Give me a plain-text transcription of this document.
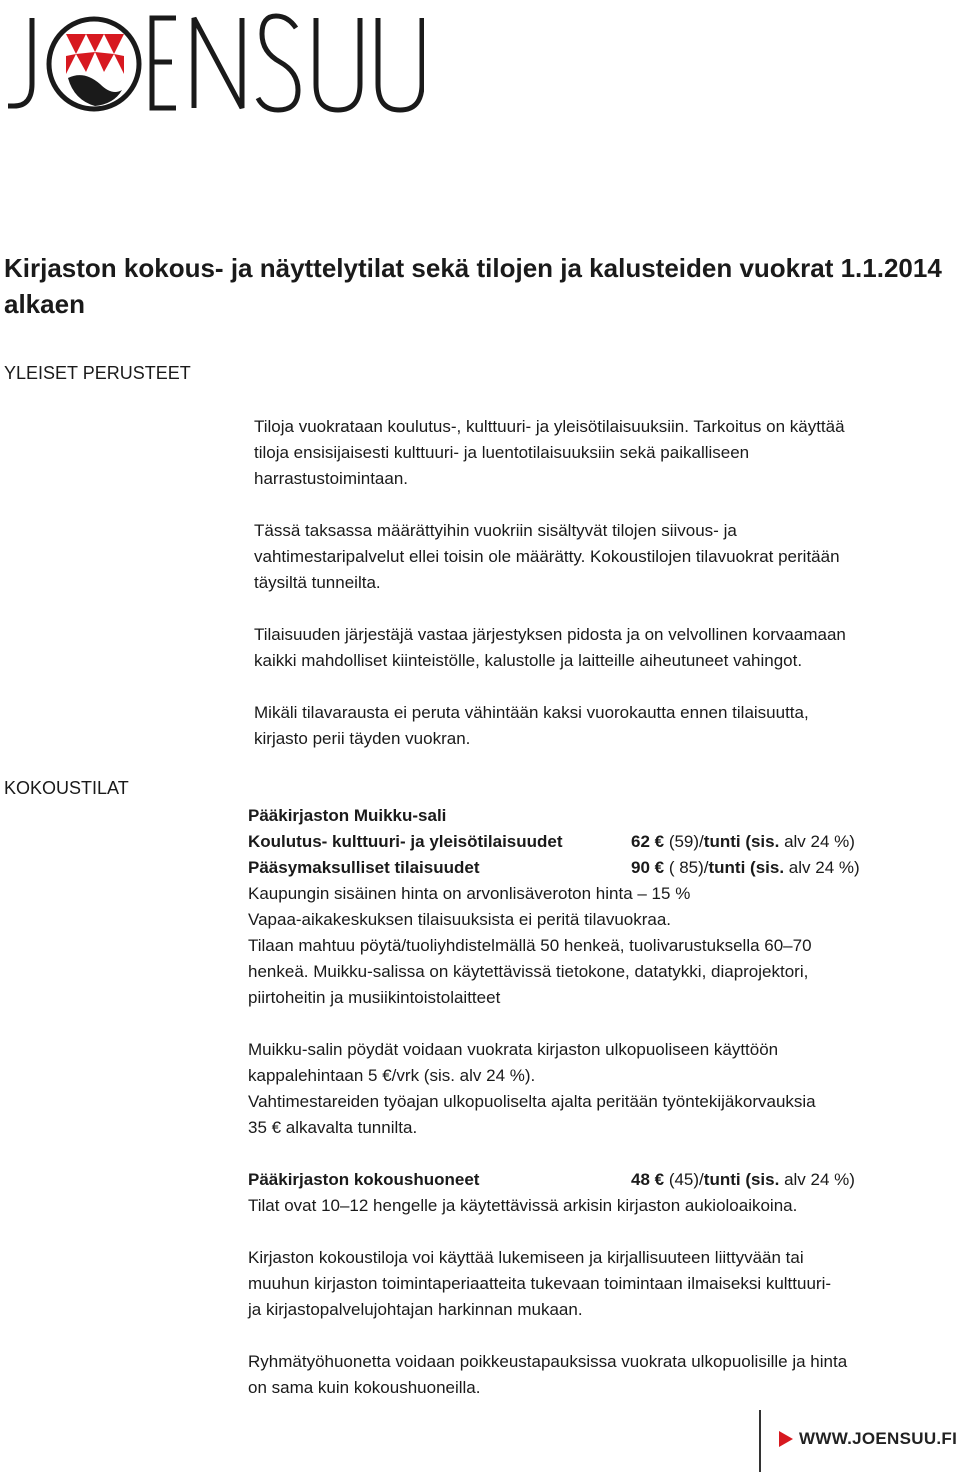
Kirjaston kokous- ja näyttelytilat sekä tilojen ja kalusteiden vuokrat 1.1.2014 alkaen
YLEISET PERUSTEET

Tiloja vuokrataan koulutus-, kulttuuri- ja yleisötilaisuuksiin. Tarkoitus on käyttää
tiloja ensisijaisesti kulttuuri- ja luentotilaisuuksiin sekä paikalliseen
harrastustoimintaan.

Tässä taksassa määrättyihin vuokriin sisältyvät tilojen siivous- ja
vahtimestaripalvelut ellei toisin ole määrätty. Kokoustilojen tilavuokrat peritään
täysiltä tunneilta.

Tilaisuuden järjestäjä vastaa järjestyksen pidosta ja on velvollinen korvaamaan
kaikki mahdolliset kiinteistölle, kalustolle ja laitteille aiheutuneet vahingot.

Mikäli tilavarausta ei peruta vähintään kaksi vuorokautta ennen tilaisuutta,
kirjasto perii täyden vuokran.

KOKOUSTILAT
Pääkirjaston Muikku-sali
Koulutus- kulttuuri- ja yleisötilaisuudet	62 € (59)/tunti (sis. alv 24 %)
Pääsymaksulliset tilaisuudet	90 € ( 85)/tunti (sis. alv 24 %)
Kaupungin sisäinen hinta on arvonlisäveroton hinta – 15 %
Vapaa-aikakeskuksen tilaisuuksista ei peritä tilavuokraa.
Tilaan mahtuu pöytä/tuoliyhdistelmällä 50 henkeä, tuolivarustuksella 60–70
henkeä. Muikku-salissa on käytettävissä tietokone, datatykki, diaprojektori,
piirtoheitin ja musiikintoistolaitteet
Muikku-salin pöydät voidaan vuokrata kirjaston ulkopuoliseen käyttöön
kappalehintaan 5 €/vrk (sis. alv 24 %).
Vahtimestareiden työajan ulkopuoliselta ajalta peritään työntekijäkorvauksia
35 € alkavalta tunnilta.
Pääkirjaston kokoushuoneet	48 € (45)/tunti (sis. alv 24 %)
Tilat ovat 10–12 hengelle ja käytettävissä arkisin kirjaston aukioloaikoina.
Kirjaston kokoustiloja voi käyttää lukemiseen ja kirjallisuuteen liittyvään tai
muuhun kirjaston toimintaperiaatteita tukevaan toimintaan ilmaiseksi kulttuuri-
ja kirjastopalvelujohtajan harkinnan mukaan.
Ryhmätyöhuonetta voidaan poikkeustapauksissa vuokrata ulkopuolisille ja hinta
on sama kuin kokoushuoneilla.
WWW.JOENSUU.FI
